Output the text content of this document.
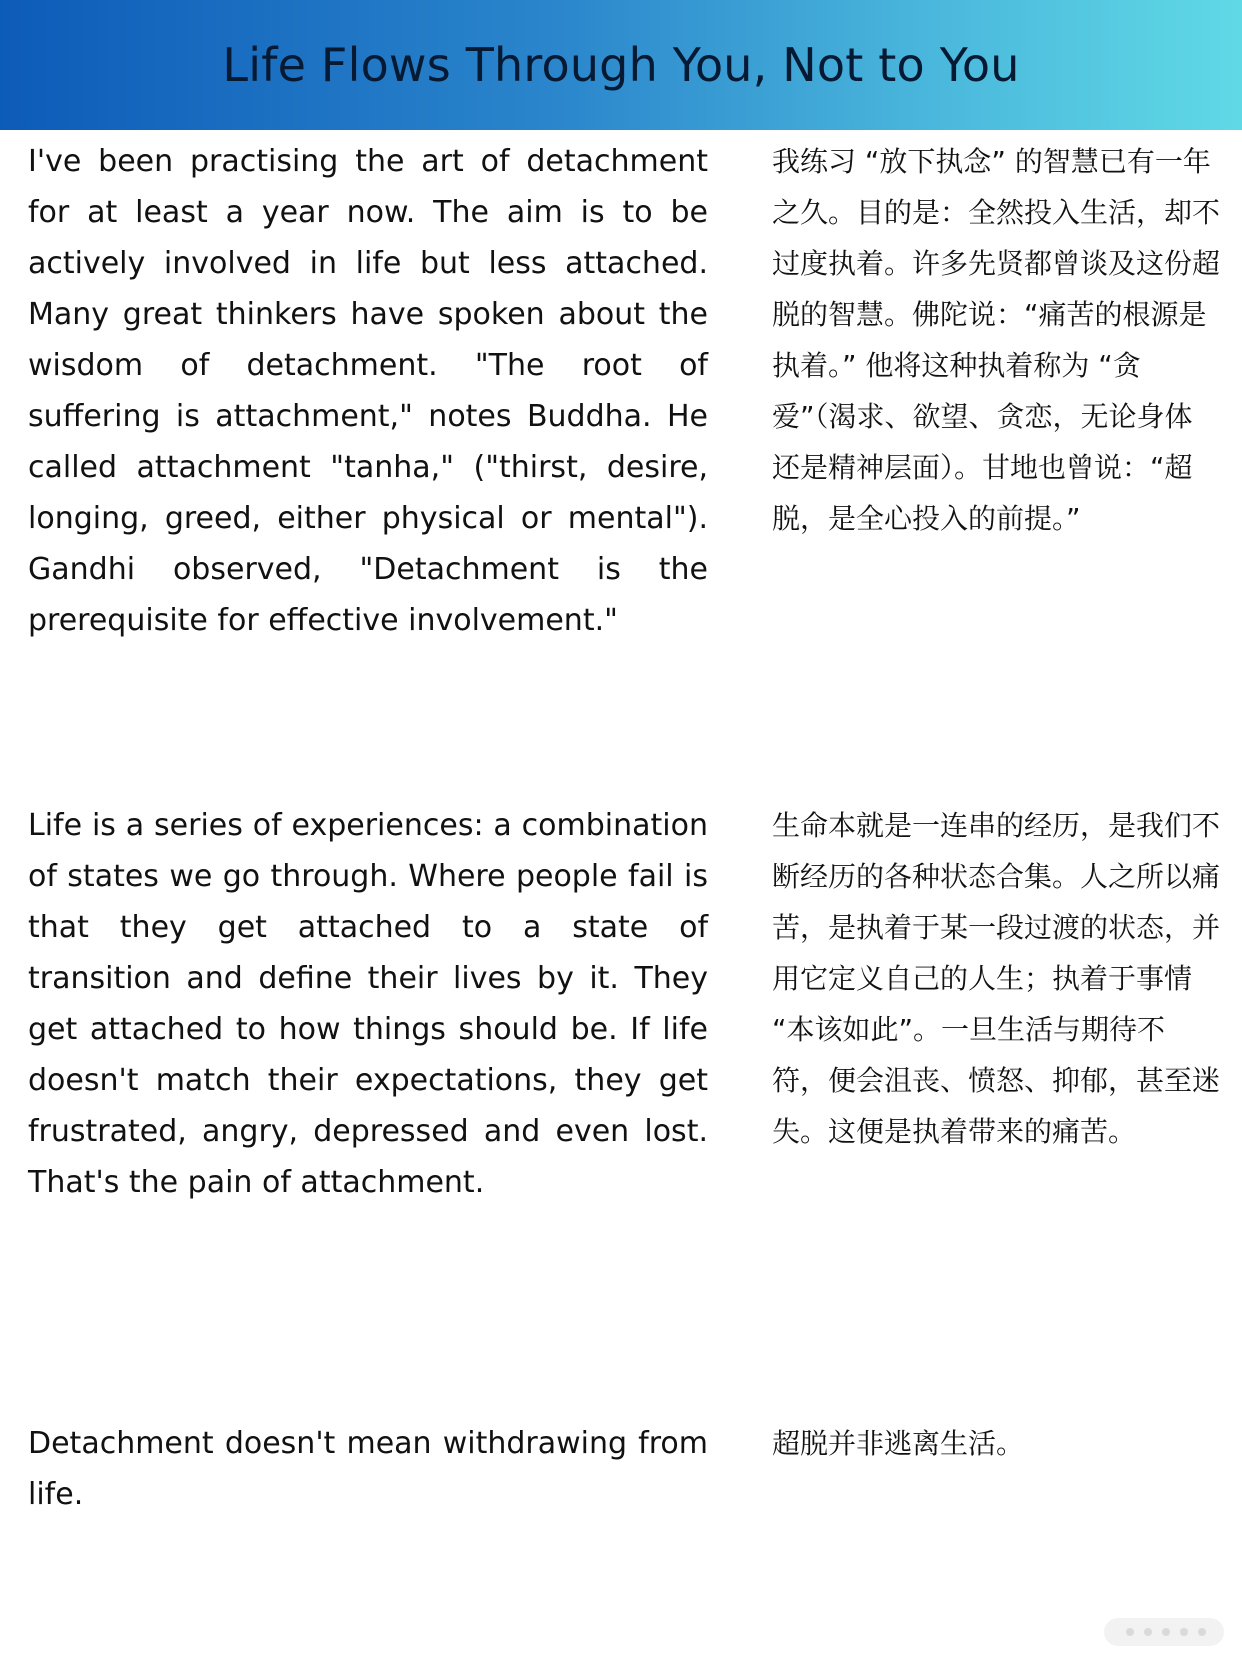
Life Flows Through You, Not to You

I've been practising the art of detachment for at least a year now. The aim is to be actively involved in life but less attached. Many great thinkers have spoken about the wisdom of detachment. "The root of suffering is attachment," notes Buddha. He called attachment "tanha," ("thirst, desire, longing, greed, either physical or mental"). Gandhi observed, "Detachment is the prerequisite for effective involvement."

我练习 “放下执念” 的智慧已有一年之久。目的是：全然投入生活，却不过度执着。许多先贤都曾谈及这份超脱的智慧。佛陀说：“痛苦的根源是执着。” 他将这种执着称为 “贪爱”（渴求、欲望、贪恋，无论身体还是精神层面）。甘地也曾说：“超脱，是全心投入的前提。”

Life is a series of experiences: a combination of states we go through. Where people fail is that they get attached to a state of transition and define their lives by it. They get attached to how things should be. If life doesn't match their expectations, they get frustrated, angry, depressed and even lost. That's the pain of attachment.

生命本就是一连串的经历，是我们不断经历的各种状态合集。人之所以痛苦，是执着于某一段过渡的状态，并用它定义自己的人生；执着于事情 “本该如此”。一旦生活与期待不符，便会沮丧、愤怒、抑郁，甚至迷失。这便是执着带来的痛苦。

Detachment doesn't mean withdrawing from life.

超脱并非逃离生活。
